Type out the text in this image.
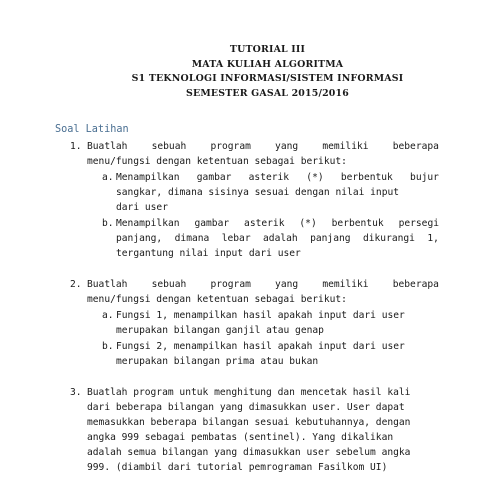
TUTORIAL III
MATA KULIAH ALGORITMA
S1 TEKNOLOGI INFORMASI/SISTEM INFORMASI
SEMESTER GASAL 2015/2016
Soal Latihan
1. Buatlah	sebuah	program	yang	memiliki	beberapa
menu/fungsi dengan ketentuan sebagai berikut:
a. Menampilkan gambar asterik (*) berbentuk bujur
sangkar, dimana sisinya sesuai dengan nilai input
dari user
b. Menampilkan gambar asterik (*) berbentuk persegi
panjang, dimana lebar adalah panjang dikurangi 1,
tergantung nilai input dari user
2. Buatlah	sebuah	program	yang	memiliki	beberapa
menu/fungsi dengan ketentuan sebagai berikut:
a. Fungsi 1, menampilkan hasil apakah input dari user
merupakan bilangan ganjil atau genap
b. Fungsi 2, menampilkan hasil apakah input dari user
merupakan bilangan prima atau bukan
3. Buatlah program untuk menghitung dan mencetak hasil kali
dari beberapa bilangan yang dimasukkan user. User dapat
memasukkan beberapa bilangan sesuai kebutuhannya, dengan
angka 999 sebagai pembatas (sentinel). Yang dikalikan
adalah semua bilangan yang dimasukkan user sebelum angka
999. (diambil dari tutorial pemrograman Fasilkom UI)
